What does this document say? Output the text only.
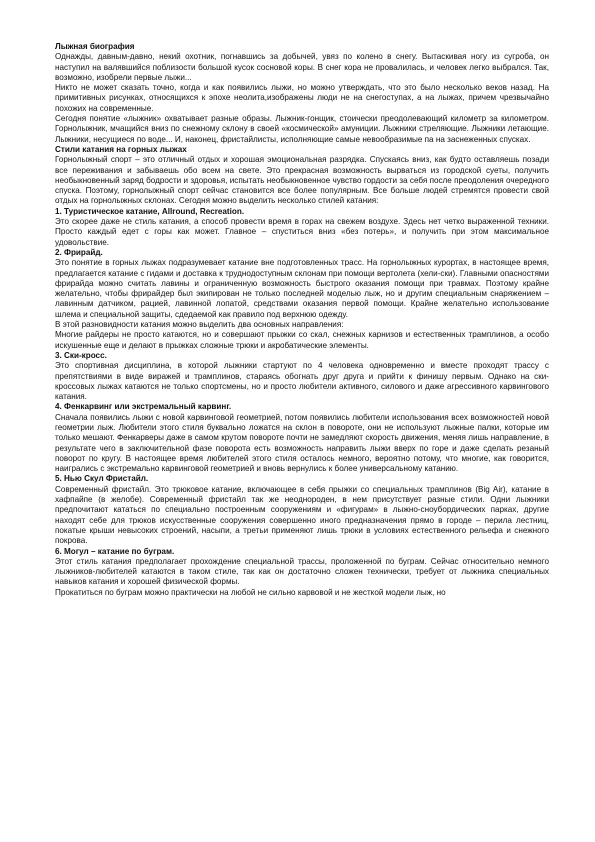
Лыжная биография

Однажды, давным-давно, некий охотник, погнавшись за добычей, увяз по колено в снегу. Вытаскивая ногу из сугроба, он наступил на валявшийся поблизости большой кусок сосновой коры. В снег кора не провалилась, и человек легко выбрался. Так, возможно, изобрели первые лыжи...

Никто не может сказать точно, когда и как появились лыжи, но можно утверждать, что это было несколько веков назад. На примитивных рисунках, относящихся к эпохе неолита,изображены люди не на снегоступах, а на лыжах, причем чрезвычайно похожих на современные.

Сегодня понятие «лыжник» охватывает разные образы. Лыжник-гонщик, стоически преодолевающий километр за километром. Горнолыжник, мчащийся вниз по снежному склону в своей «космической» амуниции. Лыжники стреляющие. Лыжники летающие. Лыжники, несущиеся по воде... И, наконец, фристайлисты, исполняющие самые невообразимые па на заснеженных спусках.

Стили катания на горных лыжах

Горнолыжный спорт – это отличный отдых и хорошая эмоциональная разрядка. Спускаясь вниз, как будто оставляешь позади все переживания и забываешь обо всем на свете. Это прекрасная возможность вырваться из городской суеты, получить необыкновенный заряд бодрости и здоровья, испытать необыкновенное чувство гордости за себя после преодоления очередного спуска. Поэтому, горнолыжный спорт сейчас становится все более популярным. Все больше людей стремятся провести свой отдых на горнолыжных склонах. Сегодня можно выделить несколько стилей катания:

1. Туристическое катание, Allround, Recreation.

Это скорее даже не стиль катания, а способ провести время в горах на свежем воздухе. Здесь нет четко выраженной техники. Просто каждый едет с горы как может. Главное – спуститься вниз «без потерь», и получить при этом максимальное удовольствие.

2. Фрирайд.

Это понятие в горных лыжах подразумевает катание вне подготовленных трасс. На горнолыжных курортах, в настоящее время, предлагается катание с гидами и доставка к труднодоступным склонам при помощи вертолета (хели-ски). Главными опасностями фрирайда можно считать лавины и ограниченную возможность быстрого оказания помощи при травмах. Поэтому крайне желательно, чтобы фрирайдер был экипирован не только последней моделью лыж, но и другим специальным снаряжением – лавинным датчиком, рацией, лавинной лопатой, средствами оказания первой помощи. Крайне желательно использование шлема и специальной защиты, сдедаемой как правило под верхнюю одежду.

В этой разновидности катания можно выделить два основных направления:

Многие райдеры не просто катаются, но и совершают прыжки со скал, снежных карнизов и естественных трамплинов, а особо искушенные еще и делают в прыжках сложные трюки и акробатические элементы.

3. Ски-кросс.

Это спортивная дисциплина, в которой лыжники стартуют по 4 человека одновременно и вместе проходят трассу с препятствиями в виде виражей и трамплинов, стараясь обогнать друг друга и прийти к финишу первым. Однако на ски-кроссовых лыжах катаются не только спортсмены, но и просто любители активного, силового и даже агрессивного карвингового катания.

4. Фенкарвинг или экстремальный карвинг.

Сначала появились лыжи с новой карвинговой геометрией, потом появились любители использования всех возможностей новой геометрии лыж. Любители этого стиля буквально ложатся на склон в повороте, они не используют лыжные палки, которые им только мешают. Фенкарверы даже в самом крутом повороте почти не замедляют скорость движения, меняя лишь направление, в результате чего в заключительной фазе поворота есть возможность направить лыжи вверх по горе и даже сделать резаный поворот по кругу. В настоящее время любителей этого стиля осталось немного, вероятно потому, что многие, как говорится, наигрались с экстремально карвинговой геометрией и вновь вернулись к более универсальному катанию.

5. Нью Скул Фристайл.

Современный фристайл. Это трюковое катание, включающее в себя прыжки со специальных трамплинов (Big Air), катание в хафпайпе (в желобе). Современный фристайл так же неоднороден, в нем присутствует разные стили. Одни лыжники предпочитают кататься по специально построенным сооружениям и «фигурам» в лыжно-сноубордических парках, другие находят себе для трюков искусственные сооружения совершенно иного предназначения прямо в городе – перила лестниц, покатые крыши невысоких строений, насыпи, а третьи применяют лишь трюки в условиях естественного рельефа и снежного покрова.

6. Могул – катание по буграм.

Этот стиль катания предполагает прохождение специальной трассы, проложенной по буграм. Сейчас относительно немного лыжников-любителей катаются в таком стиле, так как он достаточно сложен технически, требует от лыжника специальных навыков катания и хорошей физической формы.

Прокатиться по буграм можно практически на любой не сильно карвовой и не жесткой модели лыж, но
